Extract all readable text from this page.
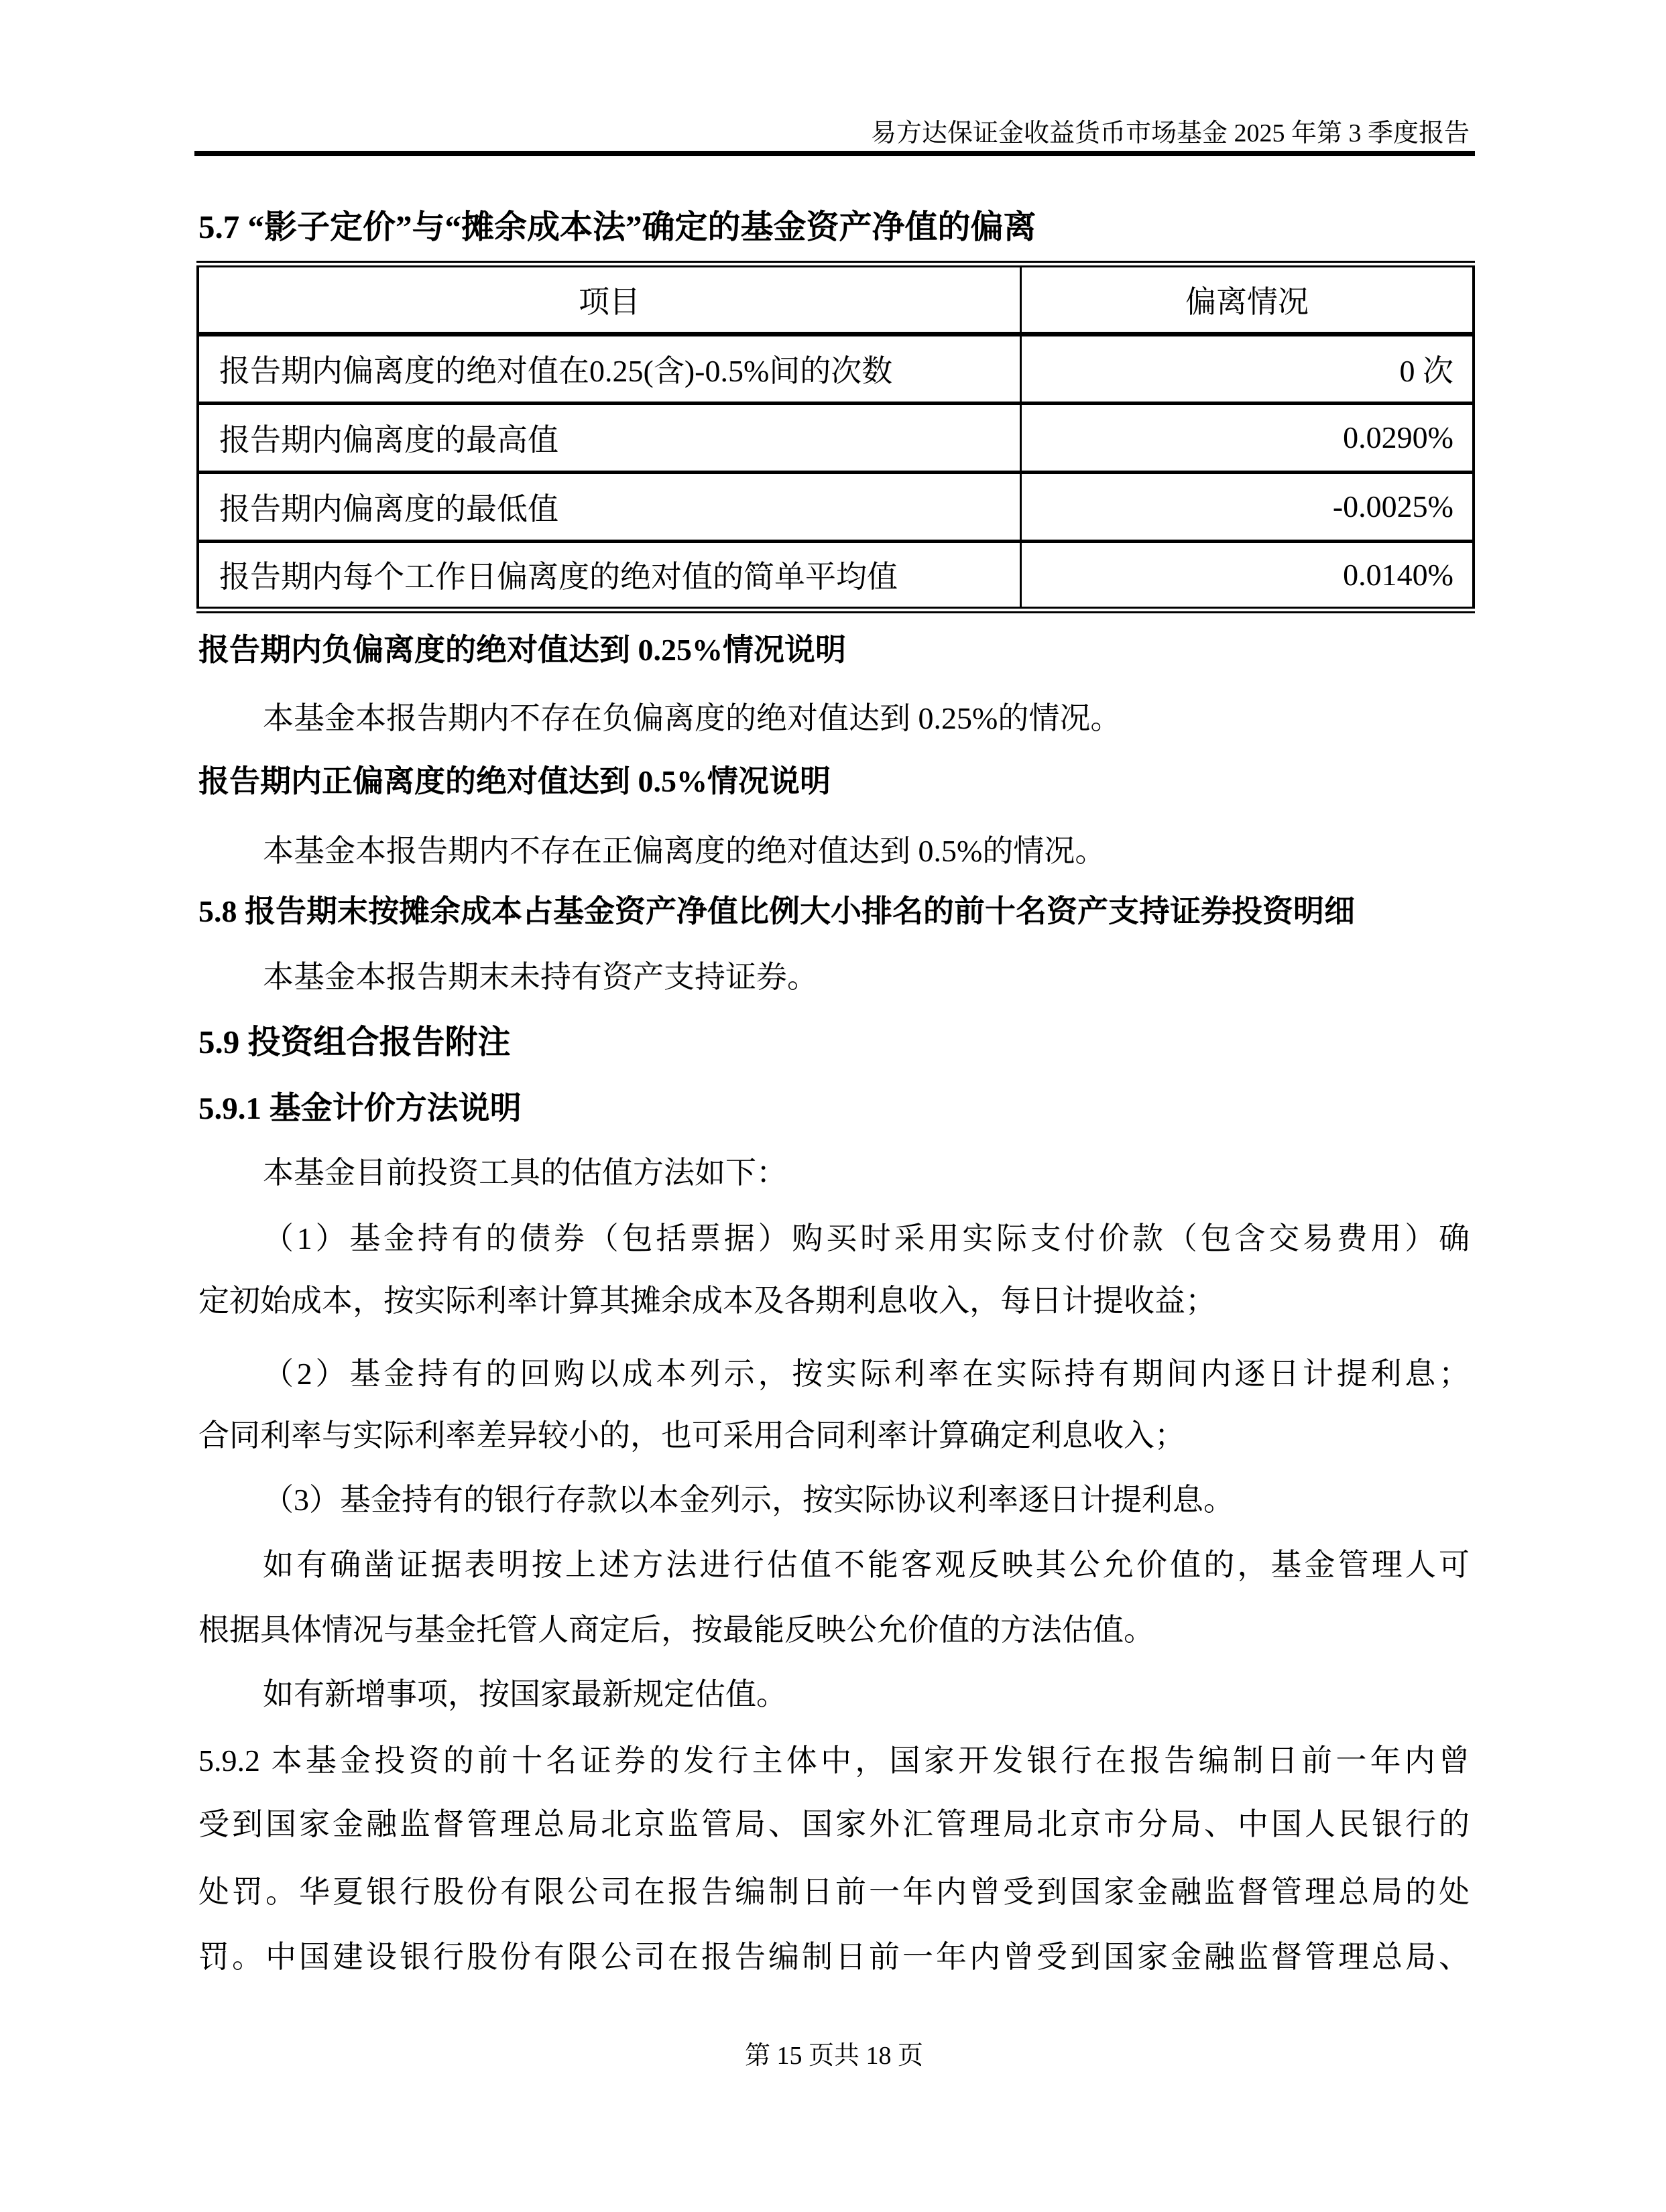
易方达保证金收益货币市场基金 2025 年第 3 季度报告
5.7 “影子定价”与“摊余成本法”确定的基金资产净值的偏离
项目	偏离情况
报告期内偏离度的绝对值在0.25(含)-0.5%间的次数	0 次
报告期内偏离度的最高值	0.0290%
报告期内偏离度的最低值	-0.0025%
报告期内每个工作日偏离度的绝对值的简单平均值	0.0140%
报告期内负偏离度的绝对值达到 0.25%情况说明
本基金本报告期内不存在负偏离度的绝对值达到 0.25%的情况。
报告期内正偏离度的绝对值达到 0.5%情况说明
本基金本报告期内不存在正偏离度的绝对值达到 0.5%的情况。
5.8 报告期末按摊余成本占基金资产净值比例大小排名的前十名资产支持证券投资明细
本基金本报告期末未持有资产支持证券。
5.9 投资组合报告附注
5.9.1 基金计价方法说明
本基金目前投资工具的估值方法如下：
（1）基金持有的债券（包括票据）购买时采用实际支付价款（包含交易费用）确
定初始成本，按实际利率计算其摊余成本及各期利息收入，每日计提收益；
（2）基金持有的回购以成本列示，按实际利率在实际持有期间内逐日计提利息；
合同利率与实际利率差异较小的，也可采用合同利率计算确定利息收入；
（3）基金持有的银行存款以本金列示，按实际协议利率逐日计提利息。
如有确凿证据表明按上述方法进行估值不能客观反映其公允价值的，基金管理人可
根据具体情况与基金托管人商定后，按最能反映公允价值的方法估值。
如有新增事项，按国家最新规定估值。
5.9.2 本基金投资的前十名证券的发行主体中，国家开发银行在报告编制日前一年内曾
受到国家金融监督管理总局北京监管局、国家外汇管理局北京市分局、中国人民银行的
处罚。华夏银行股份有限公司在报告编制日前一年内曾受到国家金融监督管理总局的处
罚。中国建设银行股份有限公司在报告编制日前一年内曾受到国家金融监督管理总局、
第 15 页共 18 页
